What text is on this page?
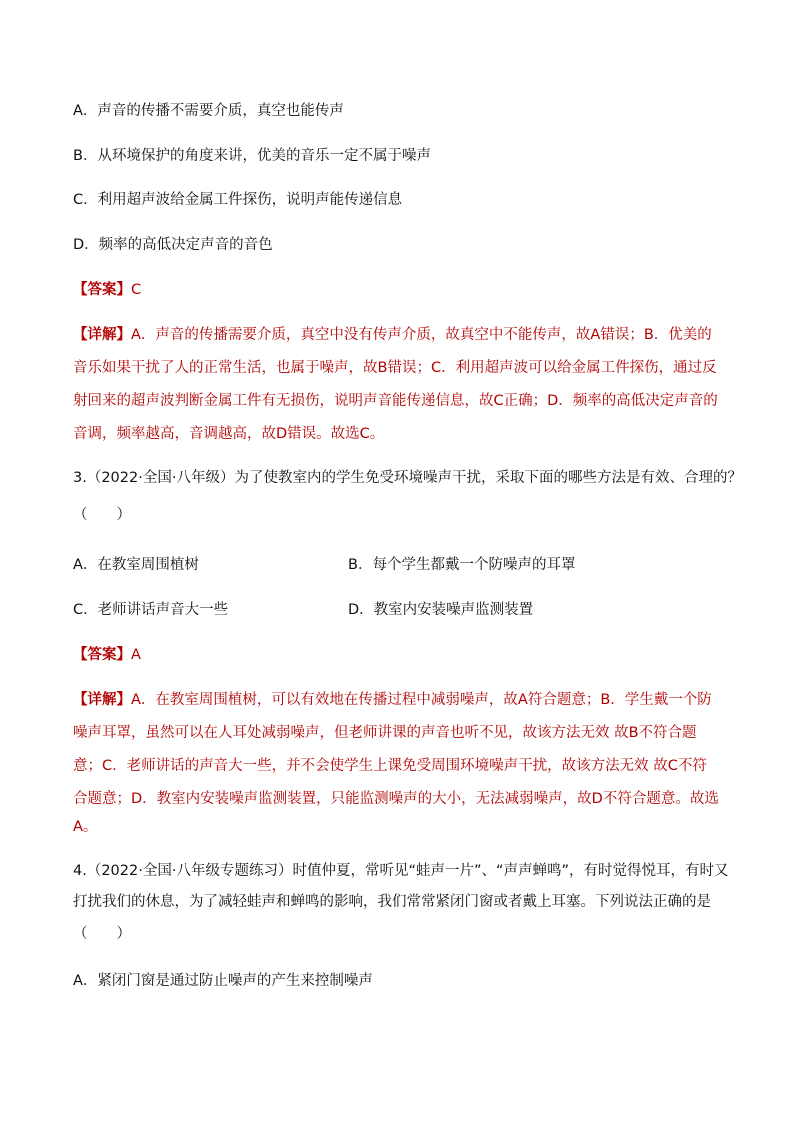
A．声音的传播不需要介质，真空也能传声
B．从环境保护的角度来讲，优美的音乐一定不属于噪声
C．利用超声波给金属工件探伤，说明声能传递信息
D．频率的高低决定声音的音色
【答案】C
【详解】A．声音的传播需要介质，真空中没有传声介质，故真空中不能传声，故A错误；B．优美的
音乐如果干扰了人的正常生活，也属于噪声，故B错误；C．利用超声波可以给金属工件探伤，通过反
射回来的超声波判断金属工件有无损伤，说明声音能传递信息，故C正确；D．频率的高低决定声音的
音调，频率越高，音调越高，故D错误。故选C。
3.（2022·全国·八年级）为了使教室内的学生免受环境噪声干扰，采取下面的哪些方法是有效、合理的？
（　　）
A．在教室周围植树	B．每个学生都戴一个防噪声的耳罩
C．老师讲话声音大一些	D．教室内安装噪声监测装置
【答案】A
【详解】A．在教室周围植树，可以有效地在传播过程中减弱噪声，故A符合题意；B．学生戴一个防
噪声耳罩，虽然可以在人耳处减弱噪声，但老师讲课的声音也听不见，故该方法无效 故B不符合题
意；C．老师讲话的声音大一些，并不会使学生上课免受周围环境噪声干扰，故该方法无效 故C不符
合题意；D．教室内安装噪声监测装置，只能监测噪声的大小，无法减弱噪声，故D不符合题意。故选
A。
4.（2022·全国·八年级专题练习）时值仲夏，常听见“蛙声一片”、“声声蝉鸣”，有时觉得悦耳，有时又
打扰我们的休息，为了减轻蛙声和蝉鸣的影响，我们常常紧闭门窗或者戴上耳塞。下列说法正确的是
（　　）
A．紧闭门窗是通过防止噪声的产生来控制噪声
